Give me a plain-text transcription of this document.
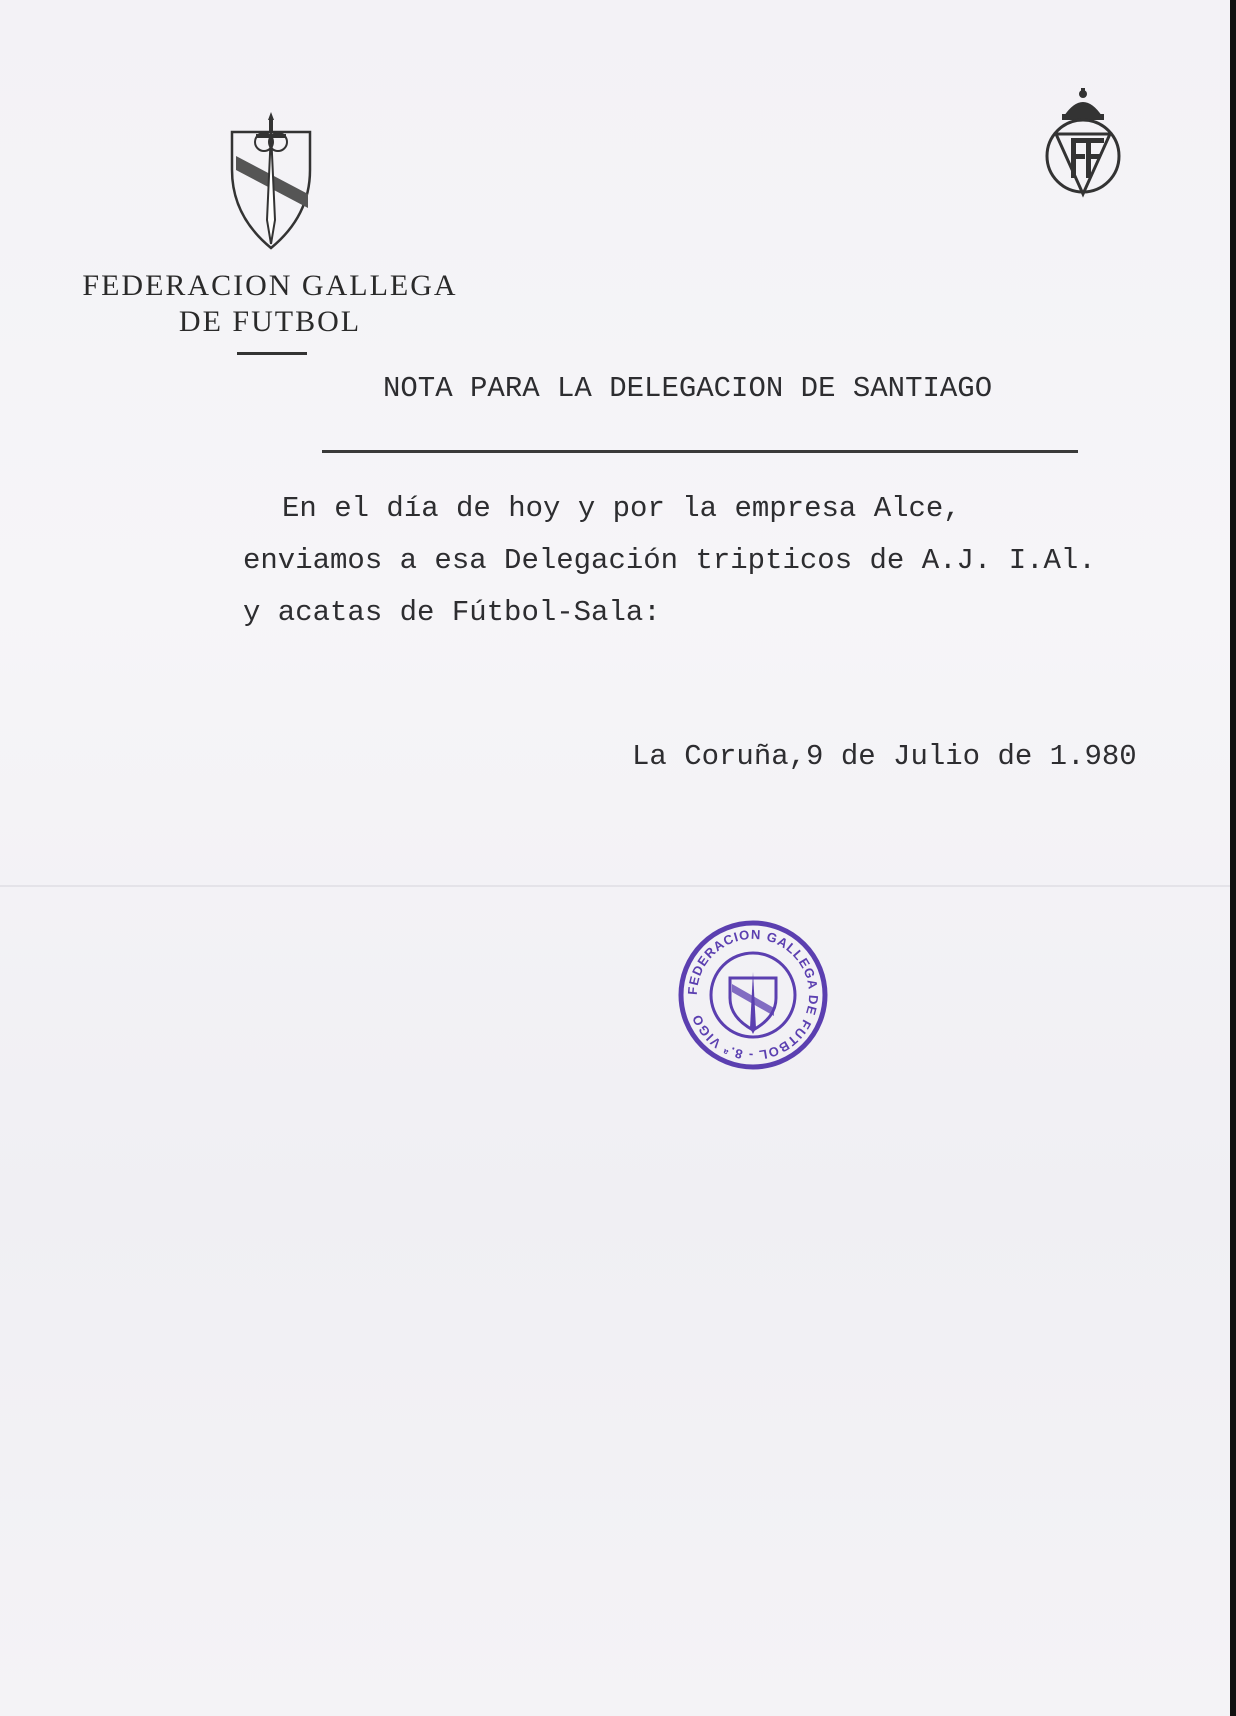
FEDERACION GALLEGA
DE FUTBOL
NOTA PARA LA DELEGACION DE SANTIAGO
En el día de hoy y por la empresa Alce,
enviamos a esa Delegación tripticos de A.J. I.Al.
y acatas de Fútbol-Sala:
La Coruña,9 de Julio de 1.980
FEDERACION GALLEGA DE FUTBOL - 8.ª VIGO
